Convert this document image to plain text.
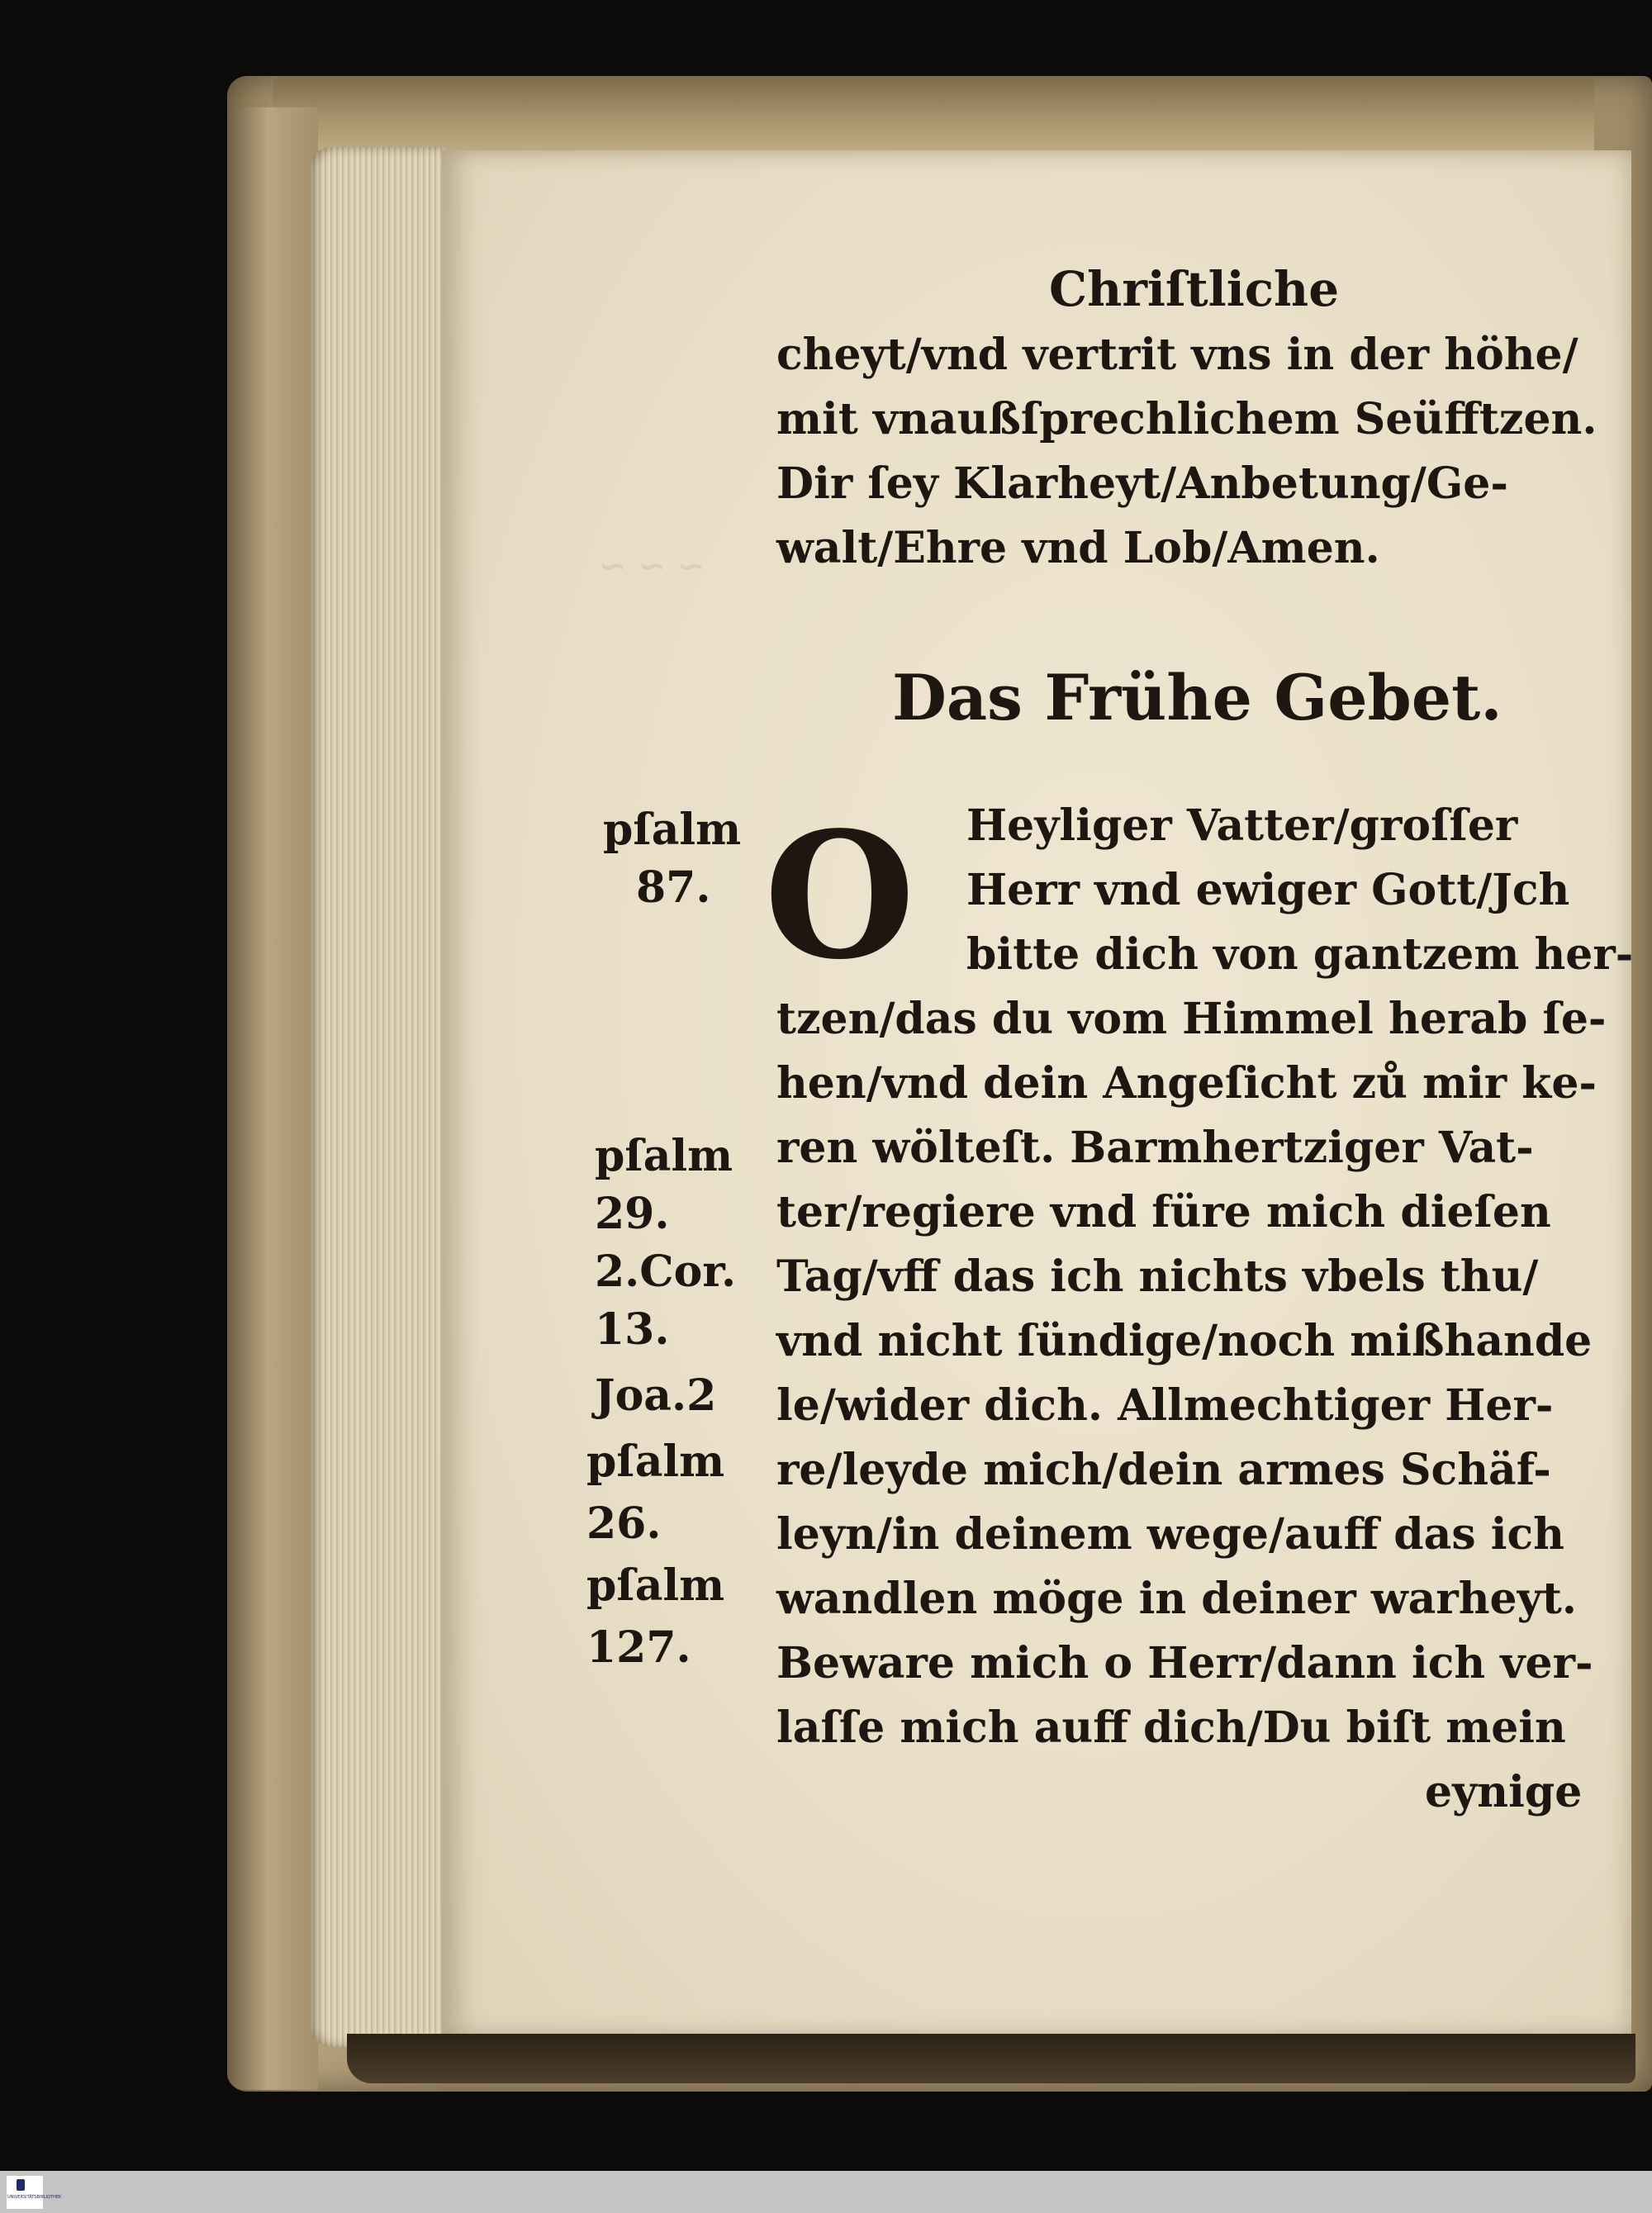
~ ~ ~
Chriſtliche
cheyt/vnd vertrit vns in der höhe/
mit vnaußſprechlichem Seüfftzen.
Dir ſey Klarheyt/Anbetung/Ge-
walt/Ehre vnd Lob/Amen.
Das Frühe Gebet.
O Heyliger Vatter/groſſer
Herr vnd ewiger Gott/Jch
bitte dich von gantzem her-
tzen/das du vom Himmel herab ſe-
hen/vnd dein Angeſicht zů mir ke-
ren wölteſt. Barmhertziger Vat-
ter/regiere vnd füre mich dieſen
Tag/vff das ich nichts vbels thu/
vnd nicht ſündige/noch mißhande
le/wider dich. Allmechtiger Her-
re/leyde mich/dein armes Schäf-
leyn/in deinem wege/auff das ich
wandlen möge in deiner warheyt.
Beware mich o Herr/dann ich ver-
laſſe mich auff dich/Du biſt mein
eynige
pſalm
87.
pſalm
29.
2.Cor.
13.
Joa.2
pſalm
26.
pſalm
127.
UNIVERSITÄTSBIBLIOTHEK
